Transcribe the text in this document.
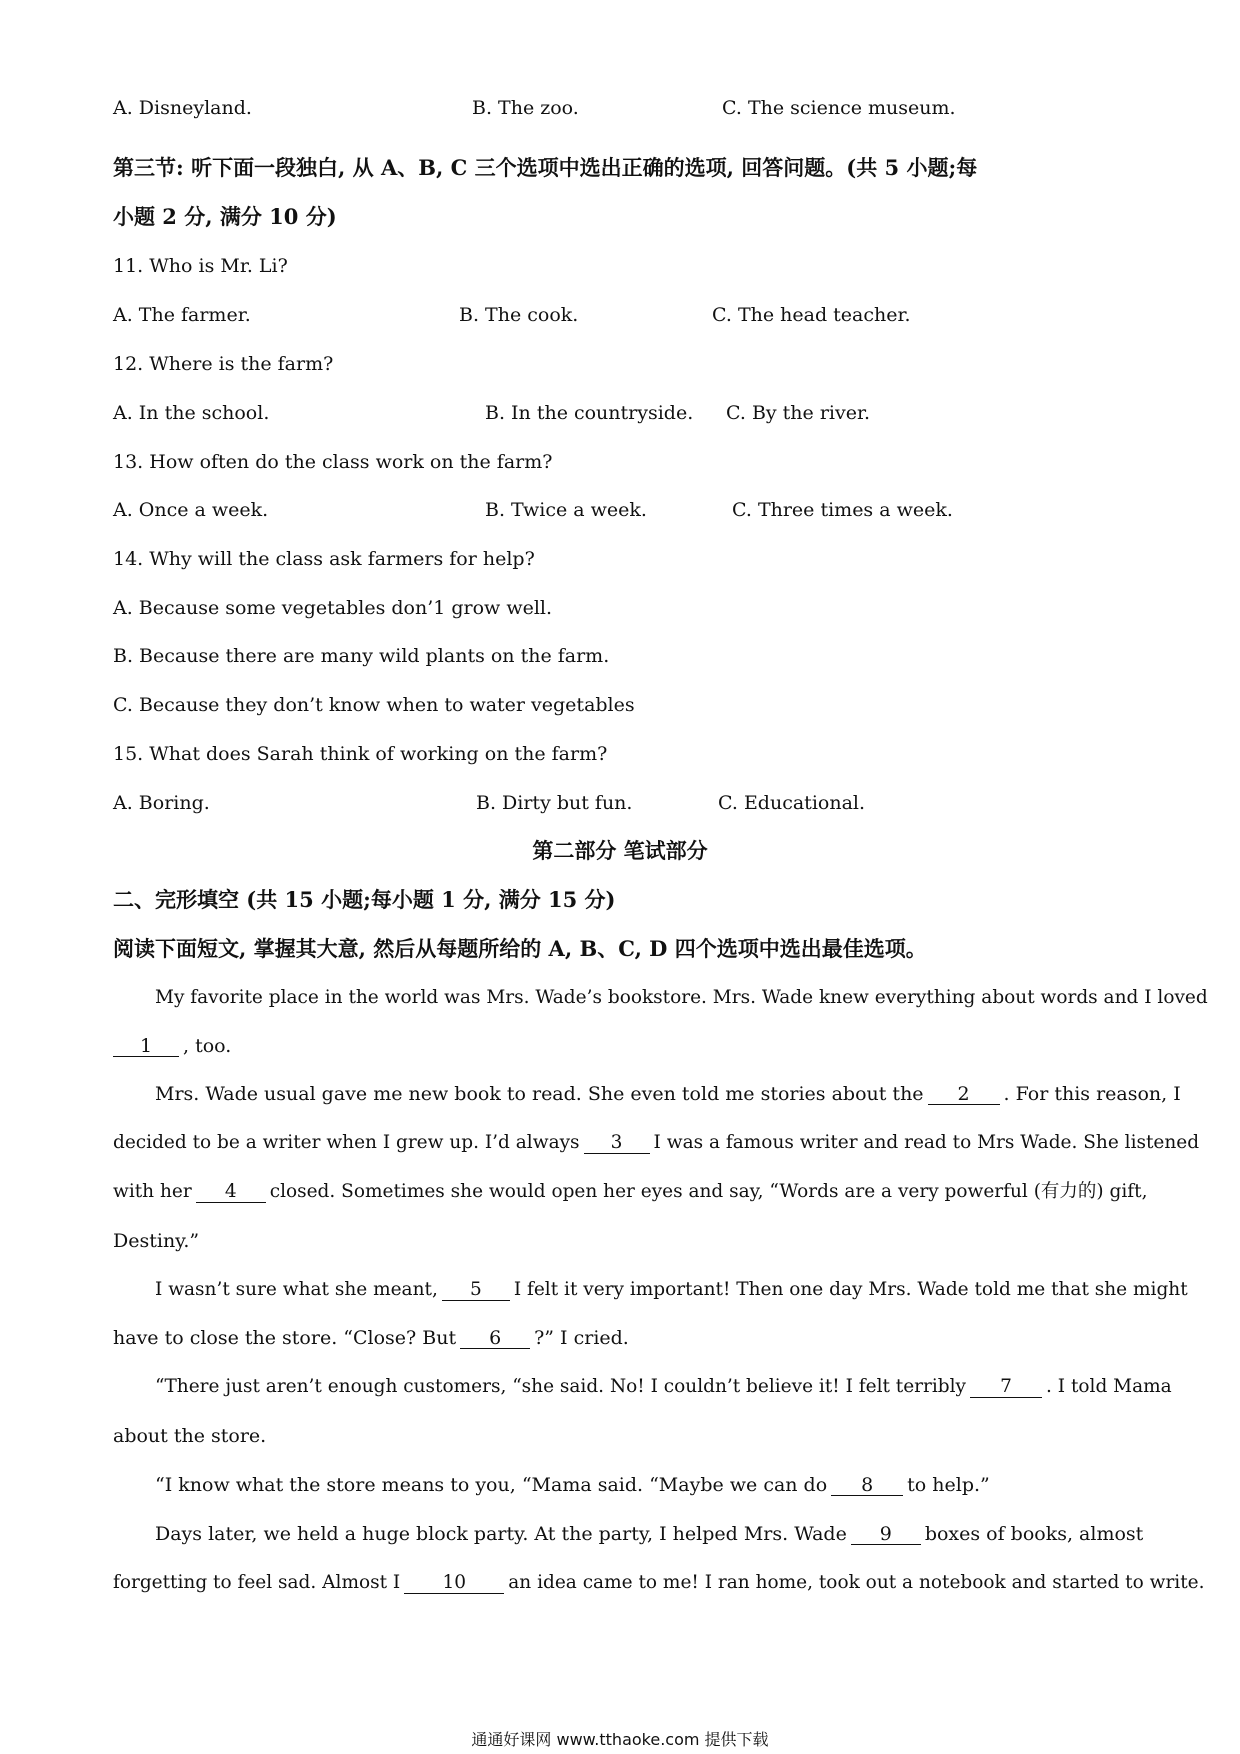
A. Disneyland.	B. The zoo.	C. The science museum.
第三节: 听下面一段独白, 从 A、B, C 三个选项中选出正确的选项, 回答问题。(共 5 小题;每
小题 2 分, 满分 10 分)
11. Who is Mr. Li?
A. The farmer.	B. The cook.	C. The head teacher.
12. Where is the farm?
A. In the school.	B. In the countryside. C. By the river.
13. How often do the class work on the farm?
A. Once a week.	B. Twice a week.	C. Three times a week.
14. Why will the class ask farmers for help?
A. Because some vegetables don’1 grow well.
B. Because there are many wild plants on the farm.
C. Because they don’t know when to water vegetables
15. What does Sarah think of working on the farm?
A. Boring.	B. Dirty but fun.	C. Educational.
第二部分 笔试部分
二、完形填空 (共 15 小题;每小题 1 分, 满分 15 分)
阅读下面短文, 掌握其大意, 然后从每题所给的 A, B、C, D 四个选项中选出最佳选项。
My favorite place in the world was Mrs. Wade’s bookstore. Mrs. Wade knew everything about words and I loved
1 , too.
Mrs. Wade usual gave me new book to read. She even told me stories about the 2 . For this reason, I
decided to be a writer when I grew up. I’d always 3 I was a famous writer and read to Mrs Wade. She listened
with her 4 closed. Sometimes she would open her eyes and say, “Words are a very powerful (有力的) gift,
Destiny.”
I wasn’t sure what she meant, 5 I felt it very important! Then one day Mrs. Wade told me that she might
have to close the store. “Close? But 6 ?” I cried.
“There just aren’t enough customers, “she said. No! I couldn’t believe it! I felt terribly 7 . I told Mama
about the store.
“I know what the store means to you, “Mama said. “Maybe we can do 8 to help.”
Days later, we held a huge block party. At the party, I helped Mrs. Wade 9 boxes of books, almost
forgetting to feel sad. Almost I 10 an idea came to me! I ran home, took out a notebook and started to write.
通通好课网 www.tthaoke.com 提供下载
